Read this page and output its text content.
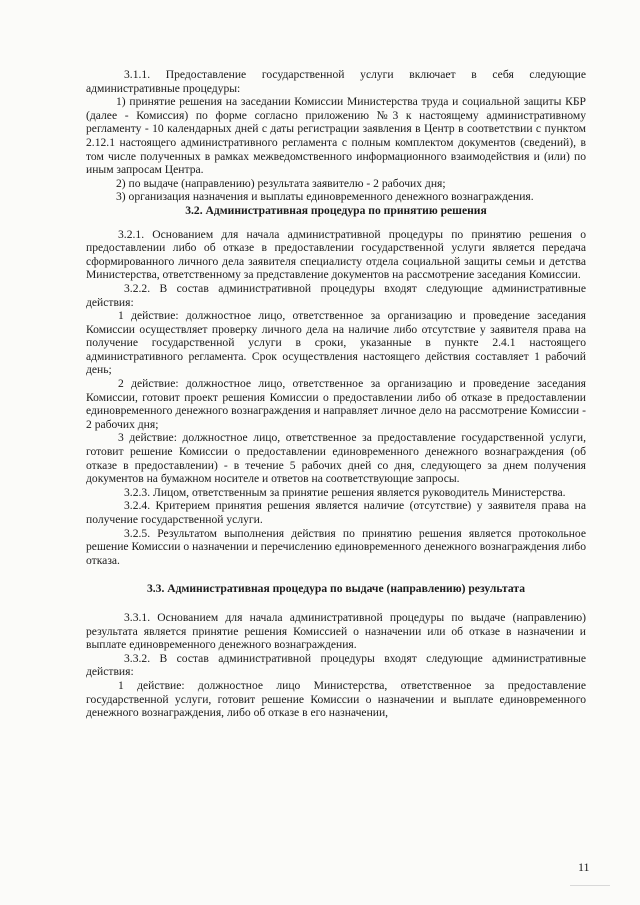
3.1.1. Предоставление государственной услуги включает в себя следующие административные процедуры:

1) принятие решения на заседании Комиссии Министерства труда и социальной защиты КБР (далее - Комиссия) по форме согласно приложению №3 к настоящему административному регламенту - 10 календарных дней с даты регистрации заявления в Центр в соответствии с пунктом 2.12.1 настоящего административного регламента с полным комплектом документов (сведений), в том числе полученных в рамках межведомственного информационного взаимодействия и (или) по иным запросам Центра.

2) по выдаче (направлению) результата заявителю - 2 рабочих дня;

3) организация назначения и выплаты единовременного денежного вознаграждения.

3.2. Административная процедура по принятию решения

3.2.1. Основанием для начала административной процедуры по принятию решения о предоставлении либо об отказе в предоставлении государственной услуги является передача сформированного личного дела заявителя специалисту отдела социальной защиты семьи и детства Министерства, ответственному за представление документов на рассмотрение заседания Комиссии.

3.2.2. В состав административной процедуры входят следующие административные действия:

1 действие: должностное лицо, ответственное за организацию и проведение заседания Комиссии осуществляет проверку личного дела на наличие либо отсутствие у заявителя права на получение государственной услуги в сроки, указанные в пункте 2.4.1 настоящего административного регламента. Срок осуществления настоящего действия составляет 1 рабочий день;

2 действие: должностное лицо, ответственное за организацию и проведение заседания Комиссии, готовит проект решения Комиссии о предоставлении либо об отказе в предоставлении единовременного денежного вознаграждения и направляет личное дело на рассмотрение Комиссии - 2 рабочих дня;

3 действие: должностное лицо, ответственное за предоставление государственной услуги, готовит решение Комиссии о предоставлении единовременного денежного вознаграждения (об отказе в предоставлении) - в течение 5 рабочих дней со дня, следующего за днем получения документов на бумажном носителе и ответов на соответствующие запросы.

3.2.3. Лицом, ответственным за принятие решения является руководитель Министерства.

3.2.4. Критерием принятия решения является наличие (отсутствие) у заявителя права на получение государственной услуги.

3.2.5. Результатом выполнения действия по принятию решения является протокольное решение Комиссии о назначении и перечислению единовременного денежного вознаграждения либо отказа.

3.3. Административная процедура по выдаче (направлению) результата

3.3.1. Основанием для начала административной процедуры по выдаче (направлению) результата является принятие решения Комиссией о назначении или об отказе в назначении и выплате единовременного денежного вознаграждения.

3.3.2. В состав административной процедуры входят следующие административные действия:

1 действие: должностное лицо Министерства, ответственное за предоставление государственной услуги, готовит решение Комиссии о назначении и выплате единовременного денежного вознаграждения, либо об отказе в его назначении,

11
